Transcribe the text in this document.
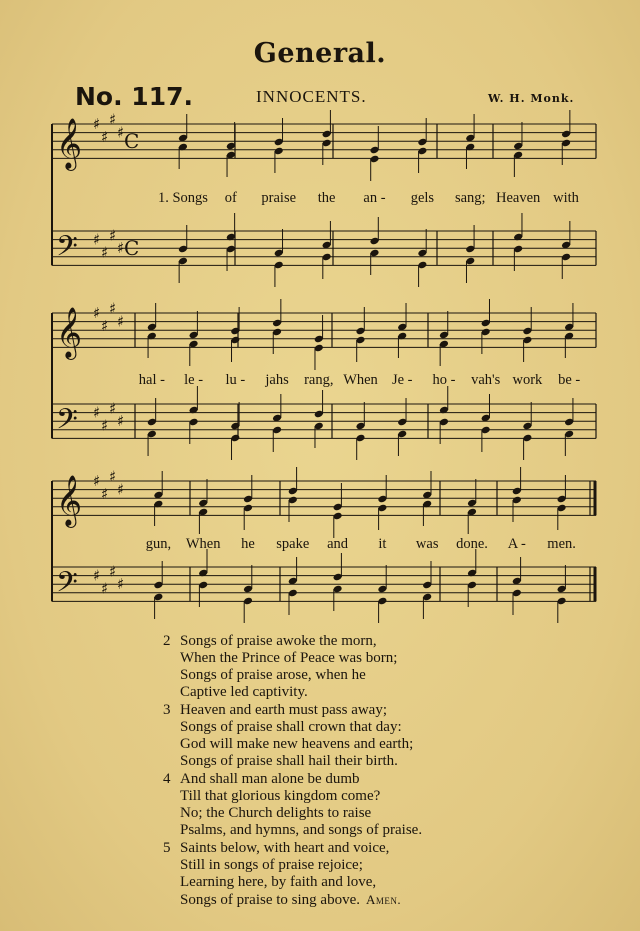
General.
No. 117.	INNOCENTS.	W. H. Monk.
𝄞 ♯
♯
♯
♯ C
𝄢 ♯
♯
♯
♯ C
𝄞 ♯
♯
♯
♯
𝄢 ♯
♯
♯
♯
𝄞 ♯
♯
♯
♯
𝄢 ♯
♯
♯
♯
1. Songs of praise the an - gels sang; Heaven with
hal - le - lu - jahs rang, When Je - ho - vah's work be -
gun, When he spake and it was done. A - men.
2 Songs of praise awoke the morn,
When the Prince of Peace was born;
Songs of praise arose, when he
Captive led captivity.
3 Heaven and earth must pass away;
Songs of praise shall crown that day:
God will make new heavens and earth;
Songs of praise shall hail their birth.
4 And shall man alone be dumb
Till that glorious kingdom come?
No; the Church delights to raise
Psalms, and hymns, and songs of praise.
5 Saints below, with heart and voice,
Still in songs of praise rejoice;
Learning here, by faith and love,
Songs of praise to sing above. Amen.
